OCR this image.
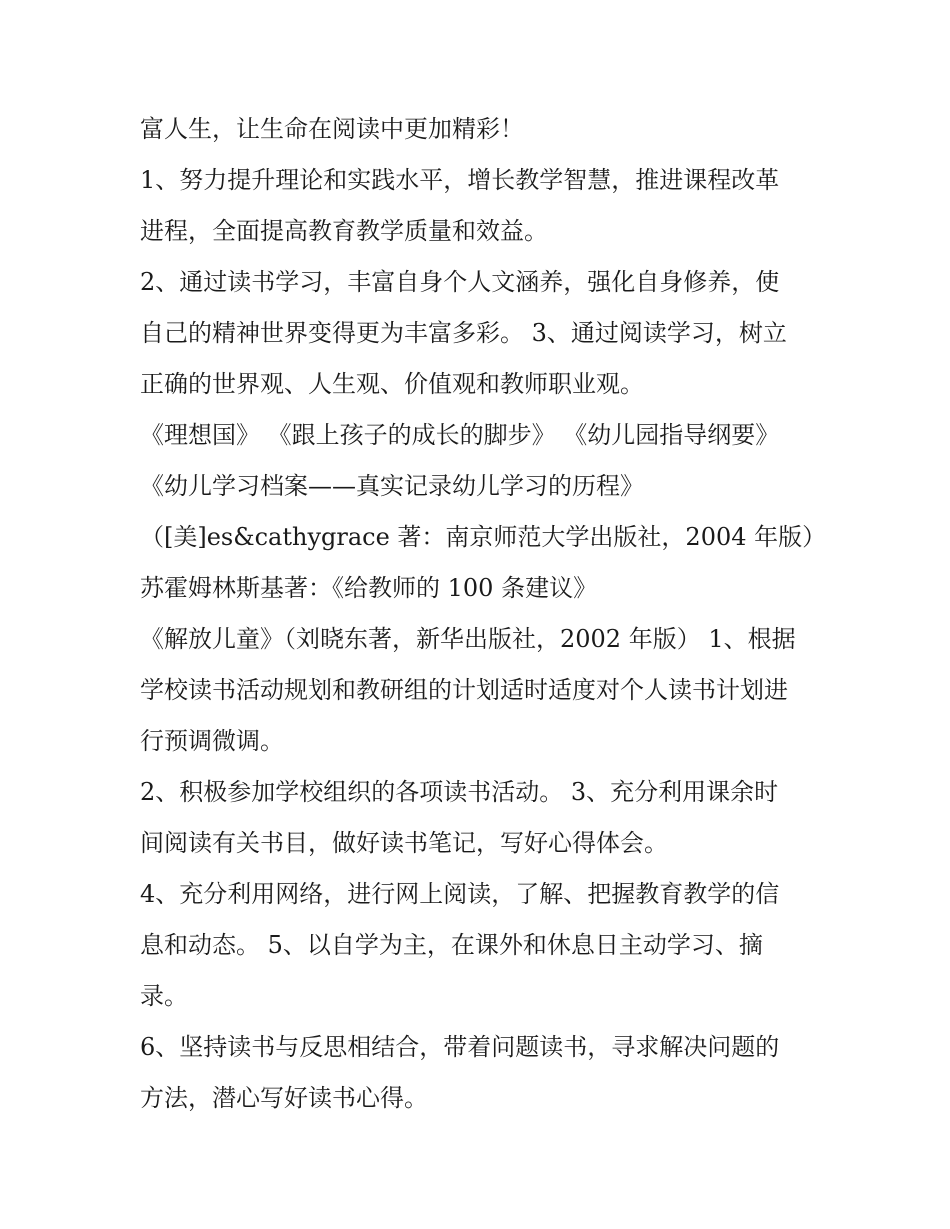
富人生，让生命在阅读中更加精彩！
1、努力提升理论和实践水平，增长教学智慧，推进课程改革
进程，全面提高教育教学质量和效益。
2、通过读书学习，丰富自身个人文涵养，强化自身修养，使
自己的精神世界变得更为丰富多彩。 3、通过阅读学习，树立
正确的世界观、人生观、价值观和教师职业观。
《理想国》 《跟上孩子的成长的脚步》 《幼儿园指导纲要》
《幼儿学习档案——真实记录幼儿学习的历程》
（[美]es&cathygrace 著：南京师范大学出版社，2004 年版）
苏霍姆林斯基著：《给教师的 100 条建议》
《解放儿童》（刘晓东著，新华出版社，2002 年版） 1、根据
学校读书活动规划和教研组的计划适时适度对个人读书计划进
行预调微调。
2、积极参加学校组织的各项读书活动。 3、充分利用课余时
间阅读有关书目，做好读书笔记，写好心得体会。
4、充分利用网络，进行网上阅读，了解、把握教育教学的信
息和动态。 5、以自学为主，在课外和休息日主动学习、摘
录。
6、坚持读书与反思相结合，带着问题读书，寻求解决问题的
方法，潜心写好读书心得。
